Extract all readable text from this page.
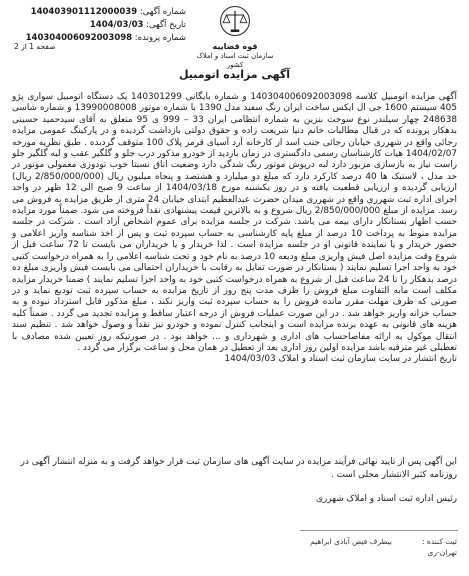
شماره آگهی: 140403901112000039
تاریخ آگهی: 1404/03/03
شماره پرونده: 140304006092003098
قوه قضاییه
سازمان ثبت اسناد و املاک کشور
صفحه 1 از 2
آگهی مزایده اتومبیل

آگهی مزایده اتومبیل کلاسه 140304006092003098 و شماره بایگانی 140301299 یک دستگاه اتومبیل سواری پژو 405 سیستم 1600 جی ال ایکس ساخت ایران رنگ سفید مدل 1390 با شماره موتور 13990008008 و شماره شاسی 248638 چهار سیلندر نوع سوخت بنزین به شماره انتظامی ایران 33 – 999 ی 95 متعلق به آقای سیدحمید حسینی بدهکار پرونده که در قبال مطالبات خانم دنیا شریعت زاده و حقوق دولتی بازداشت گردیده و در پارکینگ عمومی مزایده رجائی واقع در شهرری خیابان رجائی جنب اسد از کارخانه آرد آسیای قرمز پلاک 100 متوقف گردیده . طبق نظریه مورخه 1404/02/07 هیات کارشناسان رسمی دادگستری در زمان بازدید از خودرو مذکور درب جلو و گلگیر عقب و لبه گلگیر جلو راست نیاز به بازسازی مزبور دارد لبه درپوش موتور رنگ شدگی دارد وضعیت اتاق نسبتا خوب تودوزی معمولی موتور در حد مدل ، لاستیک ها 40 درصد کارکرد دارد که مبلغ دو میلیارد و هشتصد و پنجاه میلیون ریال (2/850/000/000 ریال) ارزیابی گردیده و ارزیابی قطعیت یافته و در روز یکشنبه مورخ 1404/03/18 از ساعت 9 صبح الی 12 ظهر در واحد اجرای اداره ثبت شهرری واقع در شهرری میدان حضرت عبدالعظیم ابتدای خیابان 24 متری از طریق مزایده به فروش می رسد. مزایده از مبلغ 2/850/000/000 ریال شروع و به بالاترین قیمت پیشنهادی نقداً فروخته می شود. ضمناً مورد مزایده حسب اظهار بستانکار دارای بیمه می باشد. شرکت در جلسه مزایده برای عموم اشخاص آزاد است . شرکت در جلسه مزایده منوط به پرداخت 10 درصد از مبلغ پایه کارشناسی به حساب سپرده ثبت و پس از اخذ شناسه واریز اعلامی و حضور خریدار و یا نماینده قانونی او در جلسه مزایده است . لذا خریدار و یا خریداران می بایست تا 72 ساعت قبل از شروع وقت مزایده اصل فیش واریزی مبلغ ودیعه 10 درصد به نام خود و تحت شناسه اعلامی را به همراه درخواست کتبی خود به واحد اجرا تسلیم نمایند ( بستانکار در صورت تمایل به رقابت با خریداران احتمالی می بایست فیش واریزی مبلغ ده درصد بدهکار را تا 24 ساعت قبل از شروع به همراه درخواست کتبی خود به واحد اجرا تسلیم نمایند ) ضمنا خریدار مزایده مکلف است مابه التفاوت مبلغ فروش را ظرف مدت پنج روز از تاریخ مزایده به حساب سپرده ثبت تودیع نماید و در صورتی که ظرف مهلت مقرر مانده فروش را به حساب سپرده ثبت واریز نکند ، مبلغ مذکور قابل استرداد نبوده و به حساب خزانه واریز خواهد شد . در این صورت عملیات فروش از درجه اعتبار ساقط و مزایده تجدید می گردد . ضمناً کلیه هزینه های قانونی به عهده برنده مزایده است و اینجانب کنترل نموده و خودرو نیز نقداً و وصول خواهد شد . تنظیم سند انتقال موکول به ارائه مفاصاحساب های اداری و شهرداری و ... خواهد بود . در صورتیکه روز تعیین شده مصادف با تعطیلی غیر مترقبه باشد مزایده اولین روز اداری بعد از تعطیل در همان محل و ساعت برگزار می گردد .

تاریخ انتشار در سایت سازمان ثبت اسناد و املاک 1404/03/03

این آگهی پس از تایید نهائی فرآیند مزایده در سایت آگهی های سازمان ثبت قرار خواهد گرفت و به منزله انتشار آگهی در روزنامه کثیر الانتشار محلی است .

رئیس اداره ثبت اسناد و املاک شهرری
ثبت کننده :
بیطرف فیض آبادی ابراهیم
تهران-ری
